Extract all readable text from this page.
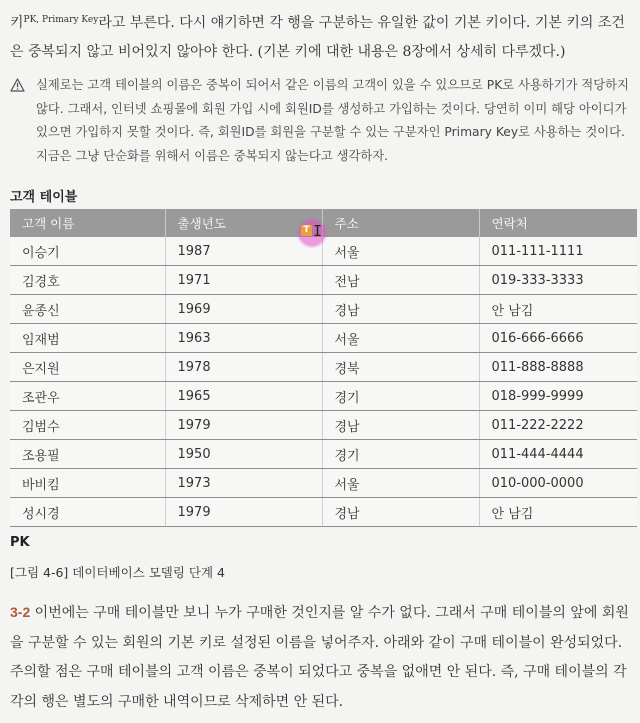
키$^{PK, Primary Key}$라고 부른다. 다시 얘기하면 각 행을 구분하는 유일한 값이 기본 키이다. 기본 키의 조건은 중복되지 않고 비어있지 않아야 한다. (기본 키에 대한 내용은 8장에서 상세히 다루겠다.)
실제로는 고객 테이블의 이름은 중복이 되어서 같은 이름의 고객이 있을 수 있으므로 PK로 사용하기가 적당하지 않다. 그래서, 인터넷 쇼핑몰에 회원 가입 시에 회원ID를 생성하고 가입하는 것이다. 당연히 이미 해당 아이디가 있으면 가입하지 못할 것이다. 즉, 회원ID를 회원을 구분할 수 있는 구분자인 Primary Key로 사용하는 것이다. 지금은 그냥 단순화를 위해서 이름은 중복되지 않는다고 생각하자.
고객 테이블
고객 이름	출생년도	주소	연락처
이승기	1987	서울	011-111-1111
김경호	1971	전남	019-333-3333
윤종신	1969	경남	안 남김
임재범	1963	서울	016-666-6666
은지원	1978	경북	011-888-8888
조관우	1965	경기	018-999-9999
김범수	1979	경남	011-222-2222
조용필	1950	경기	011-444-4444
바비킴	1973	서울	010-000-0000
성시경	1979	경남	안 남김
T I
PK
[그림 4-6] 데이터베이스 모델링 단계 4
3-2 이번에는 구매 테이블만 보니 누가 구매한 것인지를 알 수가 없다. 그래서 구매 테이블의 앞에 회원을 구분할 수 있는 회원의 기본 키로 설정된 이름을 넣어주자. 아래와 같이 구매 테이블이 완성되었다. 주의할 점은 구매 테이블의 고객 이름은 중복이 되었다고 중복을 없애면 안 된다. 즉, 구매 테이블의 각각의 행은 별도의 구매한 내역이므로 삭제하면 안 된다.
